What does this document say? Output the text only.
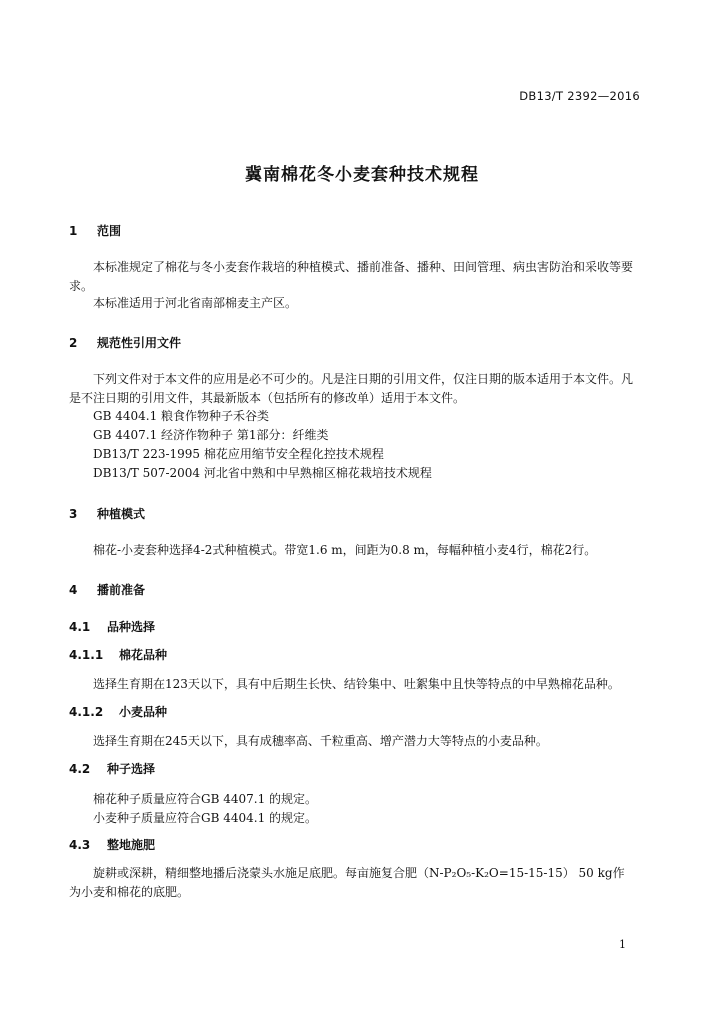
DB13/T 2392—2016
冀南棉花冬小麦套种技术规程
1 范围
本标准规定了棉花与冬小麦套作栽培的种植模式、播前准备、播种、田间管理、病虫害防治和采收等要求。
本标准适用于河北省南部棉麦主产区。
2 规范性引用文件
下列文件对于本文件的应用是必不可少的。凡是注日期的引用文件，仅注日期的版本适用于本文件。凡是不注日期的引用文件，其最新版本（包括所有的修改单）适用于本文件。
GB 4404.1 粮食作物种子禾谷类
GB 4407.1 经济作物种子 第1部分：纤维类
DB13/T 223-1995 棉花应用缩节安全程化控技术规程
DB13/T 507-2004 河北省中熟和中早熟棉区棉花栽培技术规程
3 种植模式
棉花-小麦套种选择4-2式种植模式。带宽1.6 m，间距为0.8 m，每幅种植小麦4行，棉花2行。
4 播前准备
4.1 品种选择
4.1.1 棉花品种
选择生育期在123天以下，具有中后期生长快、结铃集中、吐絮集中且快等特点的中早熟棉花品种。
4.1.2 小麦品种
选择生育期在245天以下，具有成穗率高、千粒重高、增产潜力大等特点的小麦品种。
4.2 种子选择
棉花种子质量应符合GB 4407.1 的规定。
小麦种子质量应符合GB 4404.1 的规定。
4.3 整地施肥
旋耕或深耕，精细整地播后浇蒙头水施足底肥。每亩施复合肥（N-P₂O₅-K₂O=15-15-15） 50 kg作为小麦和棉花的底肥。
1
